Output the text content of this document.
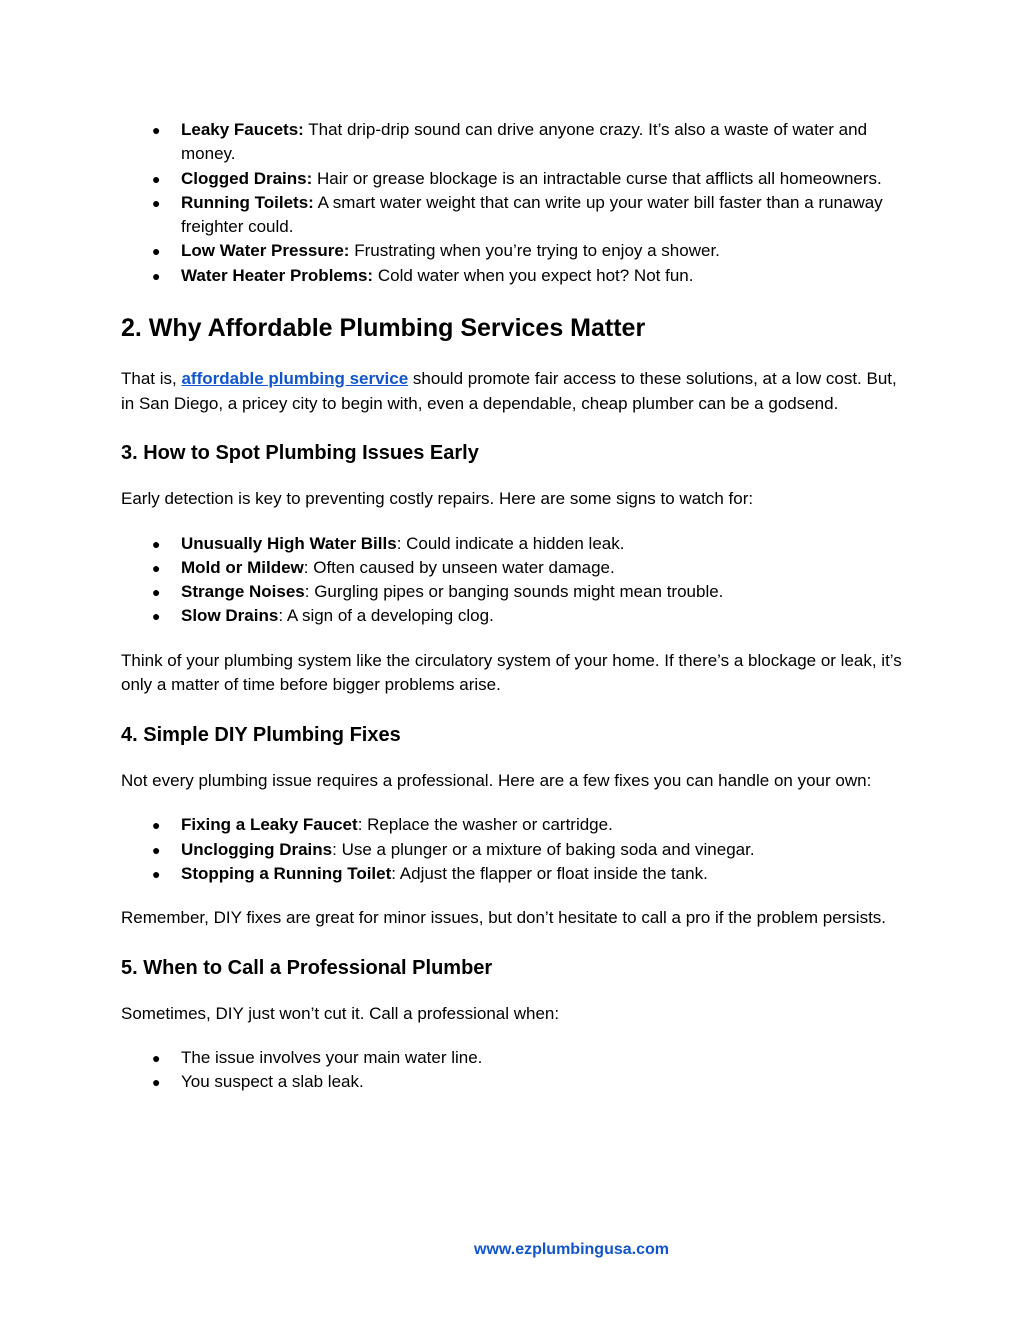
● Leaky Faucets: That drip-drip sound can drive anyone crazy. It’s also a waste of water and money.
● Clogged Drains: Hair or grease blockage is an intractable curse that afflicts all homeowners.
● Running Toilets: A smart water weight that can write up your water bill faster than a runaway freighter could.
● Low Water Pressure: Frustrating when you’re trying to enjoy a shower.
● Water Heater Problems: Cold water when you expect hot? Not fun.
2. Why Affordable Plumbing Services Matter

That is, affordable plumbing service should promote fair access to these solutions, at a low cost. But, in San Diego, a pricey city to begin with, even a dependable, cheap plumber can be a godsend.

3. How to Spot Plumbing Issues Early

Early detection is key to preventing costly repairs. Here are some signs to watch for:

● Unusually High Water Bills: Could indicate a hidden leak.
● Mold or Mildew: Often caused by unseen water damage.
● Strange Noises: Gurgling pipes or banging sounds might mean trouble.
● Slow Drains: A sign of a developing clog.

Think of your plumbing system like the circulatory system of your home. If there’s a blockage or leak, it’s only a matter of time before bigger problems arise.

4. Simple DIY Plumbing Fixes

Not every plumbing issue requires a professional. Here are a few fixes you can handle on your own:

● Fixing a Leaky Faucet: Replace the washer or cartridge.
● Unclogging Drains: Use a plunger or a mixture of baking soda and vinegar.
● Stopping a Running Toilet: Adjust the flapper or float inside the tank.

Remember, DIY fixes are great for minor issues, but don’t hesitate to call a pro if the problem persists.

5. When to Call a Professional Plumber

Sometimes, DIY just won’t cut it. Call a professional when:

● The issue involves your main water line.
● You suspect a slab leak.
www.ezplumbingusa.com
